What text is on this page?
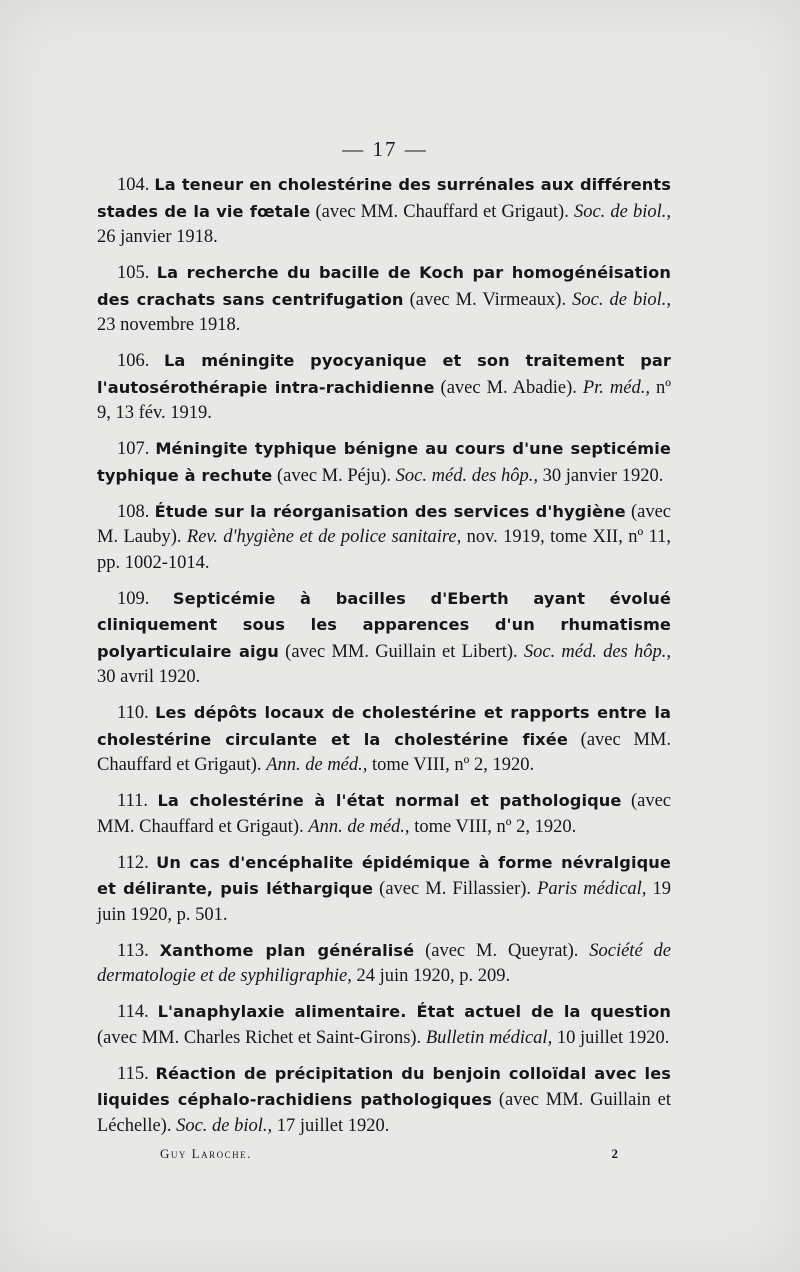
— 17 —

104. La teneur en cholestérine des surrénales aux différents stades de la vie fœtale (avec MM. Chauffard et Grigaut). Soc. de biol., 26 janvier 1918.

105. La recherche du bacille de Koch par homogénéisation des crachats sans centrifugation (avec M. Virmeaux). Soc. de biol., 23 novembre 1918.

106. La méningite pyocyanique et son traitement par l'autosérothérapie intra-rachidienne (avec M. Abadie). Pr. méd., nº 9, 13 fév. 1919.

107. Méningite typhique bénigne au cours d'une septicémie typhique à rechute (avec M. Péju). Soc. méd. des hôp., 30 janvier 1920.

108. Étude sur la réorganisation des services d'hygiène (avec M. Lauby). Rev. d'hygiène et de police sanitaire, nov. 1919, tome XII, nº 11, pp. 1002-1014.

109. Septicémie à bacilles d'Eberth ayant évolué cliniquement sous les apparences d'un rhumatisme polyarticulaire aigu (avec MM. Guillain et Libert). Soc. méd. des hôp., 30 avril 1920.

110. Les dépôts locaux de cholestérine et rapports entre la cholestérine circulante et la cholestérine fixée (avec MM. Chauffard et Grigaut). Ann. de méd., tome VIII, nº 2, 1920.

111. La cholestérine à l'état normal et pathologique (avec MM. Chauffard et Grigaut). Ann. de méd., tome VIII, nº 2, 1920.

112. Un cas d'encéphalite épidémique à forme névralgique et délirante, puis léthargique (avec M. Fillassier). Paris médical, 19 juin 1920, p. 501.

113. Xanthome plan généralisé (avec M. Queyrat). Société de dermatologie et de syphiligraphie, 24 juin 1920, p. 209.

114. L'anaphylaxie alimentaire. État actuel de la question (avec MM. Charles Richet et Saint-Girons). Bulletin médical, 10 juillet 1920.

115. Réaction de précipitation du benjoin colloïdal avec les liquides céphalo-rachidiens pathologiques (avec MM. Guillain et Léchelle). Soc. de biol., 17 juillet 1920.

Guy Laroche.	2
